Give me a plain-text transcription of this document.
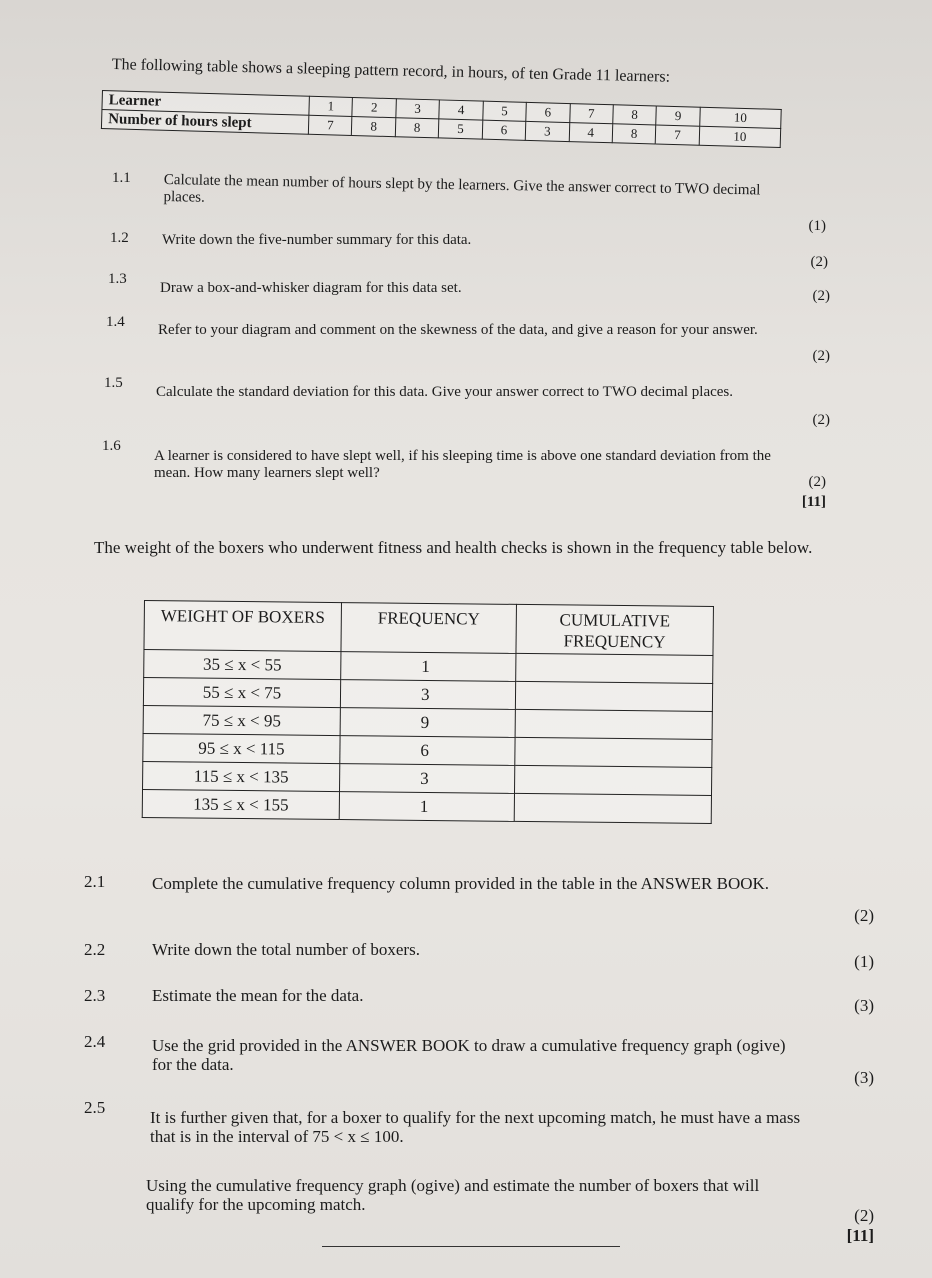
The following table shows a sleeping pattern record, in hours, of ten Grade 11 learners:
Learner	1	2	3	4	5	6	7	8	9	10
Number of hours slept	7	8	8	5	6	3	4	8	7	10
1.1 Calculate the mean number of hours slept by the learners. Give the answer correct to TWO decimal places.
(1)
1.2 Write down the five-number summary for this data.
(2)
1.3
Draw a box-and-whisker diagram for this data set.	(2)
1.4 Refer to your diagram and comment on the skewness of the data, and give a reason for your answer.
(2)
1.5
Calculate the standard deviation for this data. Give your answer correct to TWO decimal places.
(2)
1.6
A learner is considered to have slept well, if his sleeping time is above one standard deviation from the mean. How many learners slept well?
(2)
[11]
The weight of the boxers who underwent fitness and health checks is shown in the frequency table below.
WEIGHT OF BOXERS	FREQUENCY	CUMULATIVE FREQUENCY
35 ≤ x < 55	1	
55 ≤ x < 75	3	
75 ≤ x < 95	9	
95 ≤ x < 115	6	
115 ≤ x < 135	3	
135 ≤ x < 155	1	
2.1	Complete the cumulative frequency column provided in the table in the ANSWER BOOK.
(2)
2.2	Write down the total number of boxers.
(1)
2.3	Estimate the mean for the data.
(3)
2.4	Use the grid provided in the ANSWER BOOK to draw a cumulative frequency graph (ogive) for the data.
(3)
2.5
It is further given that, for a boxer to qualify for the next upcoming match, he must have a mass that is in the interval of 75 < x ≤ 100.
Using the cumulative frequency graph (ogive) and estimate the number of boxers that will qualify for the upcoming match.
(2)
[11]
